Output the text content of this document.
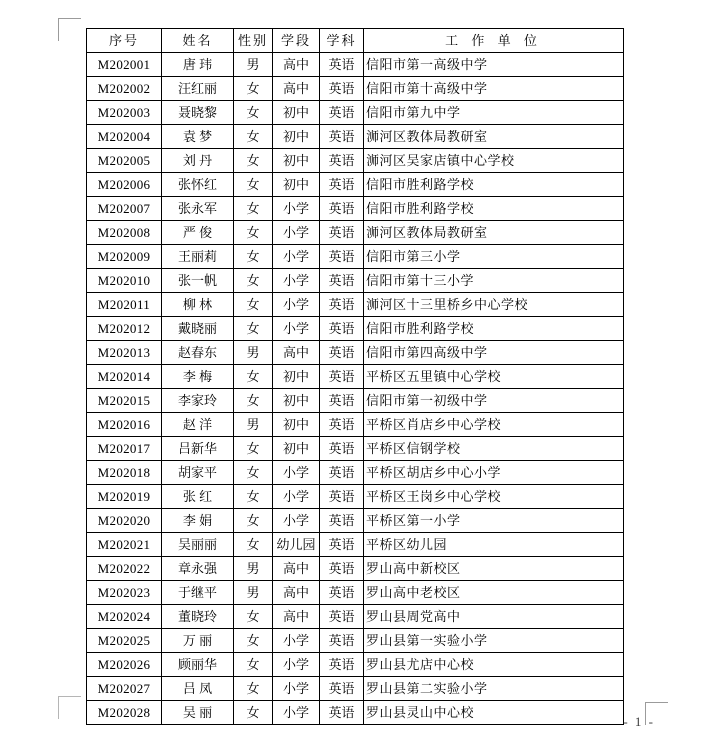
序号	姓名	性别	学段	学科	工 作 单 位
M202001	唐 玮	男	高中	英语	信阳市第一高级中学
M202002	汪红丽	女	高中	英语	信阳市第十高级中学
M202003	聂晓黎	女	初中	英语	信阳市第九中学
M202004	袁 梦	女	初中	英语	浉河区教体局教研室
M202005	刘 丹	女	初中	英语	浉河区吴家店镇中心学校
M202006	张怀红	女	初中	英语	信阳市胜利路学校
M202007	张永军	女	小学	英语	信阳市胜利路学校
M202008	严 俊	女	小学	英语	浉河区教体局教研室
M202009	王丽莉	女	小学	英语	信阳市第三小学
M202010	张一帆	女	小学	英语	信阳市第十三小学
M202011	柳 林	女	小学	英语	浉河区十三里桥乡中心学校
M202012	戴晓丽	女	小学	英语	信阳市胜利路学校
M202013	赵春东	男	高中	英语	信阳市第四高级中学
M202014	李 梅	女	初中	英语	平桥区五里镇中心学校
M202015	李家玲	女	初中	英语	信阳市第一初级中学
M202016	赵 洋	男	初中	英语	平桥区肖店乡中心学校
M202017	吕新华	女	初中	英语	平桥区信钢学校
M202018	胡家平	女	小学	英语	平桥区胡店乡中心小学
M202019	张 红	女	小学	英语	平桥区王岗乡中心学校
M202020	李 娟	女	小学	英语	平桥区第一小学
M202021	吴丽丽	女	幼儿园	英语	平桥区幼儿园
M202022	章永强	男	高中	英语	罗山高中新校区
M202023	于继平	男	高中	英语	罗山高中老校区
M202024	董晓玲	女	高中	英语	罗山县周党高中
M202025	万 丽	女	小学	英语	罗山县第一实验小学
M202026	顾丽华	女	小学	英语	罗山县尤店中心校
M202027	吕 凤	女	小学	英语	罗山县第二实验小学
M202028	吴 丽	女	小学	英语	罗山县灵山中心校
- 1 -
